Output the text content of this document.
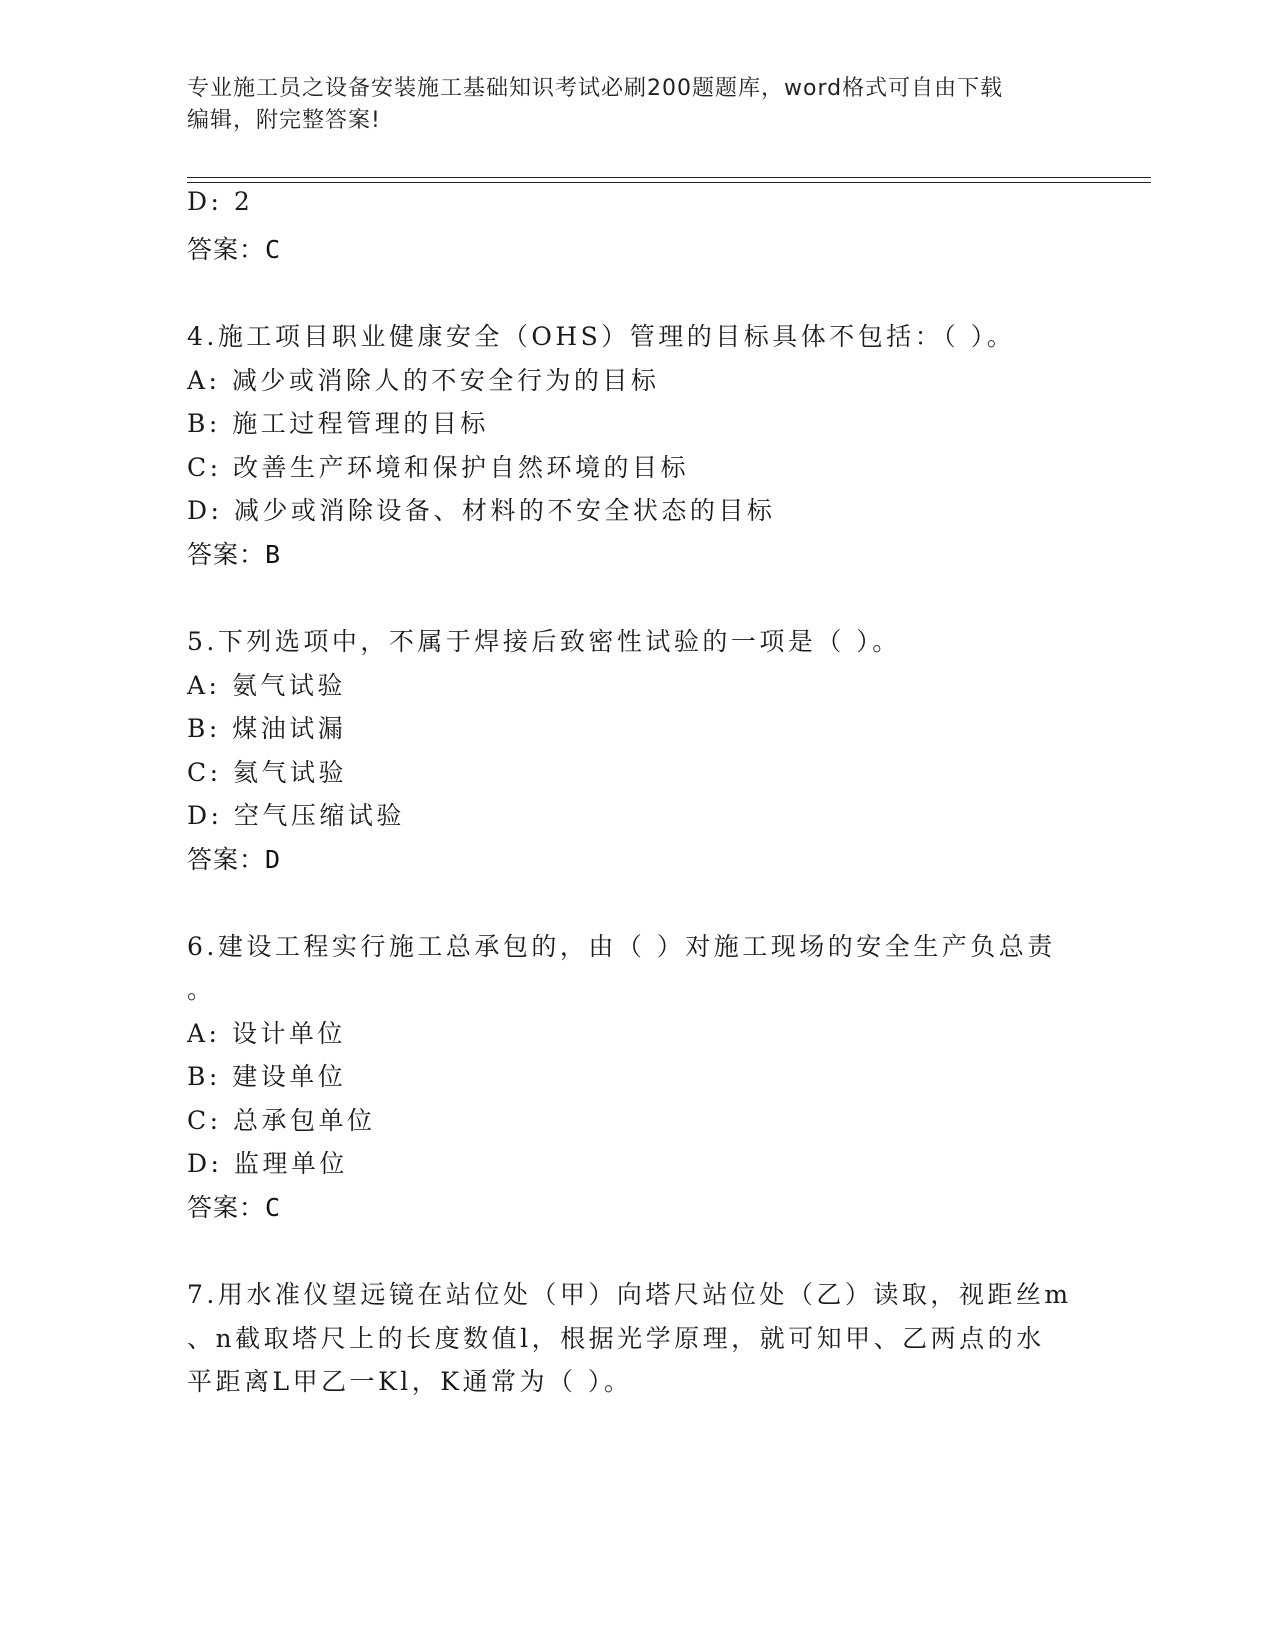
专业施工员之设备安装施工基础知识考试必刷200题题库，word格式可自由下载
编辑，附完整答案!
D: 2
答案：C
4.施工项目职业健康安全（OHS）管理的目标具体不包括：（ ）。
A: 减少或消除人的不安全行为的目标
B: 施工过程管理的目标
C: 改善生产环境和保护自然环境的目标
D: 减少或消除设备、材料的不安全状态的目标
答案：B
5.下列选项中，不属于焊接后致密性试验的一项是（ ）。
A: 氨气试验
B: 煤油试漏
C: 氦气试验
D: 空气压缩试验
答案：D
6.建设工程实行施工总承包的，由（ ）对施工现场的安全生产负总责
。
A: 设计单位
B: 建设单位
C: 总承包单位
D: 监理单位
答案：C
7.用水准仪望远镜在站位处（甲）向塔尺站位处（乙）读取，视距丝m
、n截取塔尺上的长度数值l，根据光学原理，就可知甲、乙两点的水
平距离L甲乙一Kl，K通常为（ ）。
